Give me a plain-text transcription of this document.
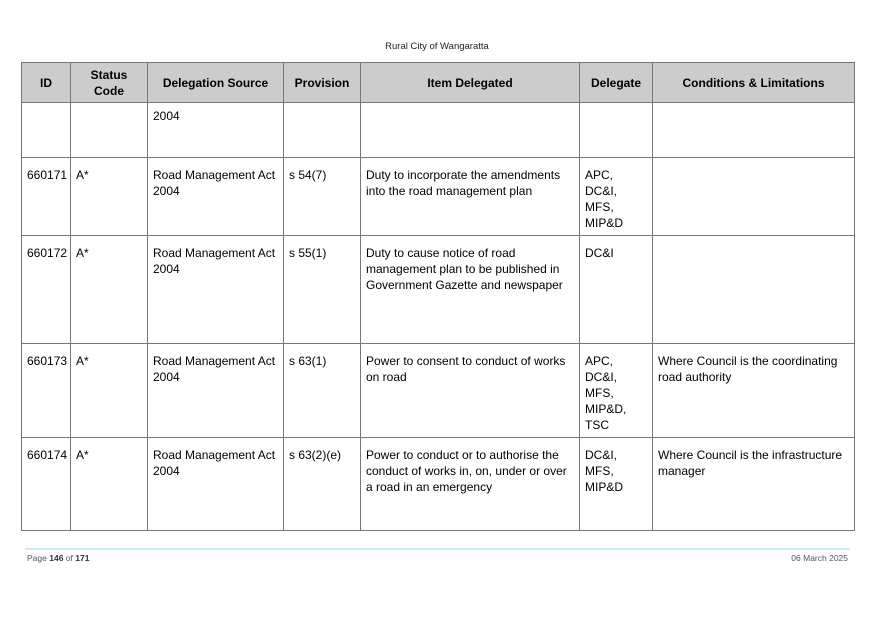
Rural City of Wangaratta
ID	Status Code	Delegation Source	Provision	Item Delegated	Delegate	Conditions & Limitations
		2004				
660171	A*	Road Management Act 2004	s 54(7)	Duty to incorporate the amendments into the road management plan	APC, DC&I, MFS, MIP&D	
660172	A*	Road Management Act 2004	s 55(1)	Duty to cause notice of road management plan to be published in Government Gazette and newspaper	DC&I	
660173	A*	Road Management Act 2004	s 63(1)	Power to consent to conduct of works on road	APC, DC&I, MFS, MIP&D, TSC	Where Council is the coordinating road authority
660174	A*	Road Management Act 2004	s 63(2)(e)	Power to conduct or to authorise the conduct of works in, on, under or over a road in an emergency	DC&I, MFS, MIP&D	Where Council is the infrastructure manager
Page 146 of 171	06 March 2025
